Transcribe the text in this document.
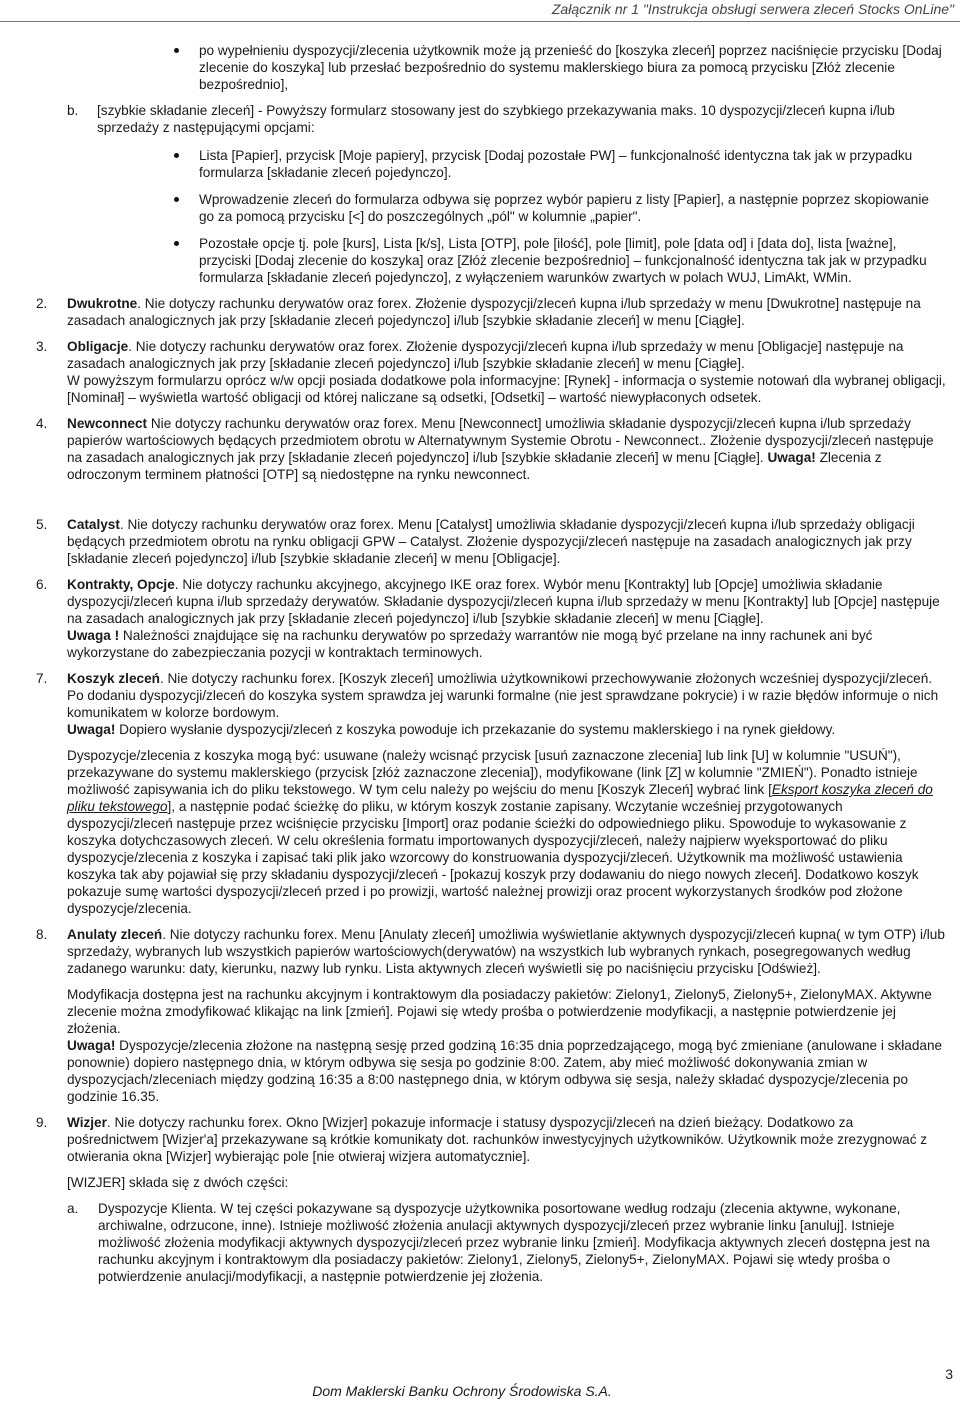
Załącznik nr 1 "Instrukcja obsługi serwera zleceń Stocks OnLine"

po wypełnieniu dyspozycji/zlecenia użytkownik może ją przenieść do [koszyka zleceń] poprzez naciśnięcie przycisku [Dodaj zlecenie do koszyka] lub przesłać bezpośrednio do systemu maklerskiego biura za pomocą przycisku [Złóż zlecenie bezpośrednio],

b. [szybkie składanie zleceń] - Powyższy formularz stosowany jest do szybkiego przekazywania maks. 10 dyspozycji/zleceń kupna i/lub sprzedaży z następującymi opcjami:

Lista [Papier], przycisk [Moje papiery], przycisk [Dodaj pozostałe PW] – funkcjonalność identyczna tak jak w przypadku formularza [składanie zleceń pojedynczo].

Wprowadzenie zleceń do formularza odbywa się poprzez wybór papieru z listy [Papier], a następnie poprzez skopiowanie go za pomocą przycisku [<] do poszczególnych „pól" w kolumnie „papier".

Pozostałe opcje tj. pole [kurs], Lista [k/s], Lista [OTP], pole [ilość], pole [limit], pole [data od] i [data do], lista [ważne], przyciski [Dodaj zlecenie do koszyka] oraz [Złóż zlecenie bezpośrednio] – funkcjonalność identyczna tak jak w przypadku formularza [składanie zleceń pojedynczo], z wyłączeniem warunków zwartych w polach WUJ, LimAkt, WMin.

2. Dwukrotne. Nie dotyczy rachunku derywatów oraz forex. Złożenie dyspozycji/zleceń kupna i/lub sprzedaży w menu [Dwukrotne] następuje na zasadach analogicznych jak przy [składanie zleceń pojedynczo] i/lub [szybkie składanie zleceń] w menu [Ciągłe].

3. Obligacje. Nie dotyczy rachunku derywatów oraz forex. Złożenie dyspozycji/zleceń kupna i/lub sprzedaży w menu [Obligacje] następuje na zasadach analogicznych jak przy [składanie zleceń pojedynczo] i/lub [szybkie składanie zleceń] w menu [Ciągłe].

W powyższym formularzu oprócz w/w opcji posiada dodatkowe pola informacyjne: [Rynek] - informacja o systemie notowań dla wybranej obligacji, [Nominał] – wyświetla wartość obligacji od której naliczane są odsetki, [Odsetki] – wartość niewypłaconych odsetek.

4. Newconnect Nie dotyczy rachunku derywatów oraz forex. Menu [Newconnect] umożliwia składanie dyspozycji/zleceń kupna i/lub sprzedaży papierów wartościowych będących przedmiotem obrotu w Alternatywnym Systemie Obrotu - Newconnect.. Złożenie dyspozycji/zleceń następuje na zasadach analogicznych jak przy [składanie zleceń pojedynczo] i/lub [szybkie składanie zleceń] w menu [Ciągłe]. Uwaga! Zlecenia z odroczonym terminem płatności [OTP] są niedostępne na rynku newconnect.

5. Catalyst. Nie dotyczy rachunku derywatów oraz forex. Menu [Catalyst] umożliwia składanie dyspozycji/zleceń kupna i/lub sprzedaży obligacji będących przedmiotem obrotu na rynku obligacji GPW – Catalyst. Złożenie dyspozycji/zleceń następuje na zasadach analogicznych jak przy [składanie zleceń pojedynczo] i/lub [szybkie składanie zleceń] w menu [Obligacje].

6. Kontrakty, Opcje. Nie dotyczy rachunku akcyjnego, akcyjnego IKE oraz forex. Wybór menu [Kontrakty] lub [Opcje] umożliwia składanie dyspozycji/zleceń kupna i/lub sprzedaży derywatów. Składanie dyspozycji/zleceń kupna i/lub sprzedaży w menu [Kontrakty] lub [Opcje] następuje na zasadach analogicznych jak przy [składanie zleceń pojedynczo] i/lub [szybkie składanie zleceń] w menu [Ciągłe].

Uwaga ! Należności znajdujące się na rachunku derywatów po sprzedaży warrantów nie mogą być przelane na inny rachunek ani być wykorzystane do zabezpieczania pozycji w kontraktach terminowych.

7. Koszyk zleceń. Nie dotyczy rachunku forex. [Koszyk zleceń] umożliwia użytkownikowi przechowywanie złożonych wcześniej dyspozycji/zleceń. Po dodaniu dyspozycji/zleceń do koszyka system sprawdza jej warunki formalne (nie jest sprawdzane pokrycie) i w razie błędów informuje o nich komunikatem w kolorze bordowym.

Uwaga! Dopiero wysłanie dyspozycji/zleceń z koszyka powoduje ich przekazanie do systemu maklerskiego i na rynek giełdowy.

Dyspozycje/zlecenia z koszyka mogą być: usuwane (należy wcisnąć przycisk [usuń zaznaczone zlecenia] lub link [U] w kolumnie "USUŃ"), przekazywane do systemu maklerskiego (przycisk [złóż zaznaczone zlecenia]), modyfikowane (link [Z] w kolumnie "ZMIEŃ"). Ponadto istnieje możliwość zapisywania ich do pliku tekstowego. W tym celu należy po wejściu do menu [Koszyk Zleceń] wybrać link [Eksport koszyka zleceń do pliku tekstowego], a następnie podać ścieżkę do pliku, w którym koszyk zostanie zapisany. Wczytanie wcześniej przygotowanych dyspozycji/zleceń następuje przez wciśnięcie przycisku [Import] oraz podanie ścieżki do odpowiedniego pliku. Spowoduje to wykasowanie z koszyka dotychczasowych zleceń. W celu określenia formatu importowanych dyspozycji/zleceń, należy najpierw wyeksportować do pliku dyspozycje/zlecenia z koszyka i zapisać taki plik jako wzorcowy do konstruowania dyspozycji/zleceń. Użytkownik ma możliwość ustawienia koszyka tak aby pojawiał się przy składaniu dyspozycji/zleceń - [pokazuj koszyk przy dodawaniu do niego nowych zleceń]. Dodatkowo koszyk pokazuje sumę wartości dyspozycji/zleceń przed i po prowizji, wartość należnej prowizji oraz procent wykorzystanych środków pod złożone dyspozycje/zlecenia.

8. Anulaty zleceń. Nie dotyczy rachunku forex. Menu [Anulaty zleceń] umożliwia wyświetlanie aktywnych dyspozycji/zleceń kupna( w tym OTP) i/lub sprzedaży, wybranych lub wszystkich papierów wartościowych(derywatów) na wszystkich lub wybranych rynkach, posegregowanych według zadanego warunku: daty, kierunku, nazwy lub rynku. Lista aktywnych zleceń wyświetli się po naciśnięciu przycisku [Odśwież].

Modyfikacja dostępna jest na rachunku akcyjnym i kontraktowym dla posiadaczy pakietów: Zielony1, Zielony5, Zielony5+, ZielonyMAX. Aktywne zlecenie można zmodyfikować klikając na link [zmień]. Pojawi się wtedy prośba o potwierdzenie modyfikacji, a następnie potwierdzenie jej złożenia.

Uwaga! Dyspozycje/zlecenia złożone na następną sesję przed godziną 16:35 dnia poprzedzającego, mogą być zmieniane (anulowane i składane ponownie) dopiero następnego dnia, w którym odbywa się sesja po godzinie 8:00. Zatem, aby mieć możliwość dokonywania zmian w dyspozycjach/zleceniach między godziną 16:35 a 8:00 następnego dnia, w którym odbywa się sesja, należy składać dyspozycje/zlecenia po godzinie 16.35.

9. Wizjer. Nie dotyczy rachunku forex. Okno [Wizjer] pokazuje informacje i statusy dyspozycji/zleceń na dzień bieżący. Dodatkowo za pośrednictwem [Wizjer'a] przekazywane są krótkie komunikaty dot. rachunków inwestycyjnych użytkowników. Użytkownik może zrezygnować z otwierania okna [Wizjer] wybierając pole [nie otwieraj wizjera automatycznie].

[WIZJER] składa się z dwóch części:

a. Dyspozycje Klienta. W tej części pokazywane są dyspozycje użytkownika posortowane według rodzaju (zlecenia aktywne, wykonane, archiwalne, odrzucone, inne). Istnieje możliwość złożenia anulacji aktywnych dyspozycji/zleceń przez wybranie linku [anuluj]. Istnieje możliwość złożenia modyfikacji aktywnych dyspozycji/zleceń przez wybranie linku [zmień]. Modyfikacja aktywnych zleceń dostępna jest na rachunku akcyjnym i kontraktowym dla posiadaczy pakietów: Zielony1, Zielony5, Zielony5+, ZielonyMAX. Pojawi się wtedy prośba o potwierdzenie anulacji/modyfikacji, a następnie potwierdzenie jej złożenia.

3
Dom Maklerski Banku Ochrony Środowiska S.A.
